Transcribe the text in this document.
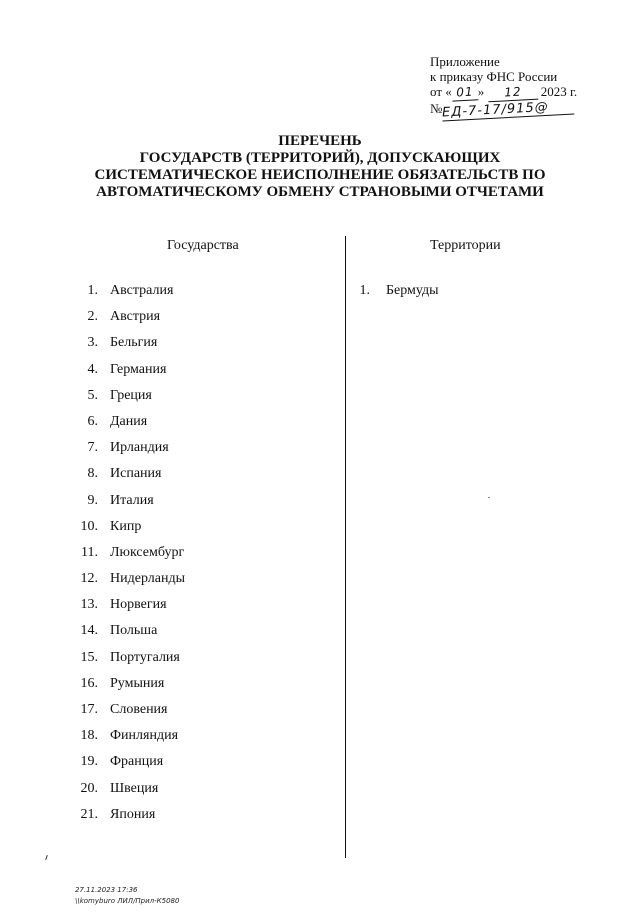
Приложение
к приказу ФНС России
от « 01 » 12 2023 г.
№ЕД-7-17/915@
ПЕРЕЧЕНЬ
ГОСУДАРСТВ (ТЕРРИТОРИЙ), ДОПУСКАЮЩИХ
СИСТЕМАТИЧЕСКОЕ НЕИСПОЛНЕНИЕ ОБЯЗАТЕЛЬСТВ ПО
АВТОМАТИЧЕСКОМУ ОБМЕНУ СТРАНОВЫМИ ОТЧЕТАМИ
Государства	Территории
1. Австралия
2. Австрия
3. Бельгия
4. Германия
5. Греция
6. Дания
7. Ирландия
8. Испания
9. Италия
10. Кипр
11. Люксембург
12. Нидерланды
13. Норвегия
14. Польша
15. Португалия
16. Румыния
17. Словения
18. Финляндия
19. Франция
20. Швеция
21. Япония
1. Бермуды
27.11.2023 17:36
\\komyburo ЛИЛ/Прил-К5080
